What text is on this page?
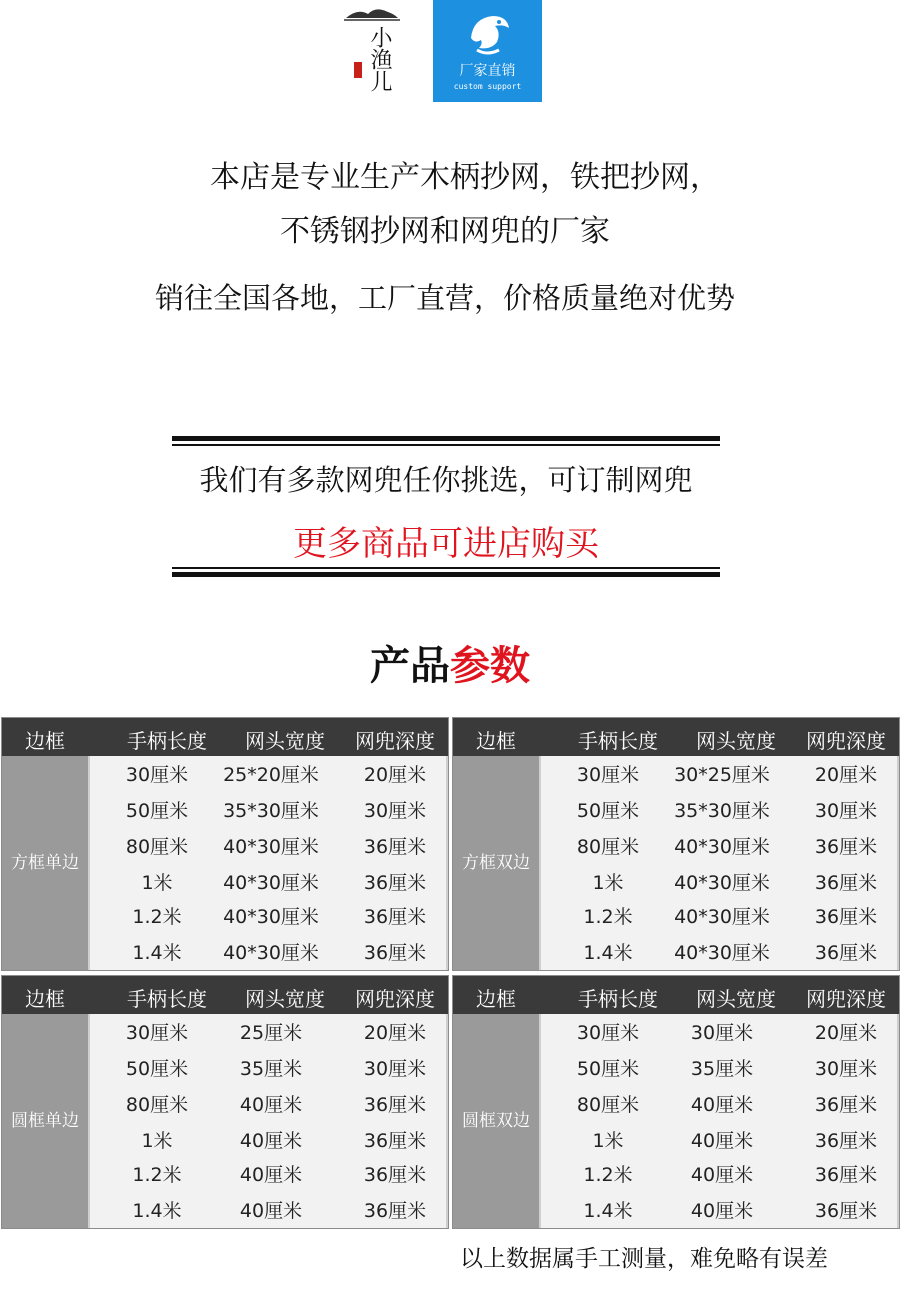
小渔儿	厂家直销
custom support
本店是专业生产木柄抄网，铁把抄网，
不锈钢抄网和网兜的厂家
销往全国各地，工厂直营，价格质量绝对优势
我们有多款网兜任你挑选，可订制网兜
更多商品可进店购买
产品参数
边框	手柄长度	网头宽度	网兜深度
方框单边
30厘米	25*20厘米	20厘米
50厘米	35*30厘米	30厘米
80厘米	40*30厘米	36厘米
1米	40*30厘米	36厘米
1.2米	40*30厘米	36厘米
1.4米	40*30厘米	36厘米
边框	手柄长度	网头宽度	网兜深度
方框双边
30厘米	30*25厘米	20厘米
50厘米	35*30厘米	30厘米
80厘米	40*30厘米	36厘米
1米	40*30厘米	36厘米
1.2米	40*30厘米	36厘米
1.4米	40*30厘米	36厘米
边框	手柄长度	网头宽度	网兜深度
圆框单边
30厘米	25厘米	20厘米
50厘米	35厘米	30厘米
80厘米	40厘米	36厘米
1米	40厘米	36厘米
1.2米	40厘米	36厘米
1.4米	40厘米	36厘米
边框	手柄长度	网头宽度	网兜深度
圆框双边
30厘米	30厘米	20厘米
50厘米	35厘米	30厘米
80厘米	40厘米	36厘米
1米	40厘米	36厘米
1.2米	40厘米	36厘米
1.4米	40厘米	36厘米
以上数据属手工测量，难免略有误差
